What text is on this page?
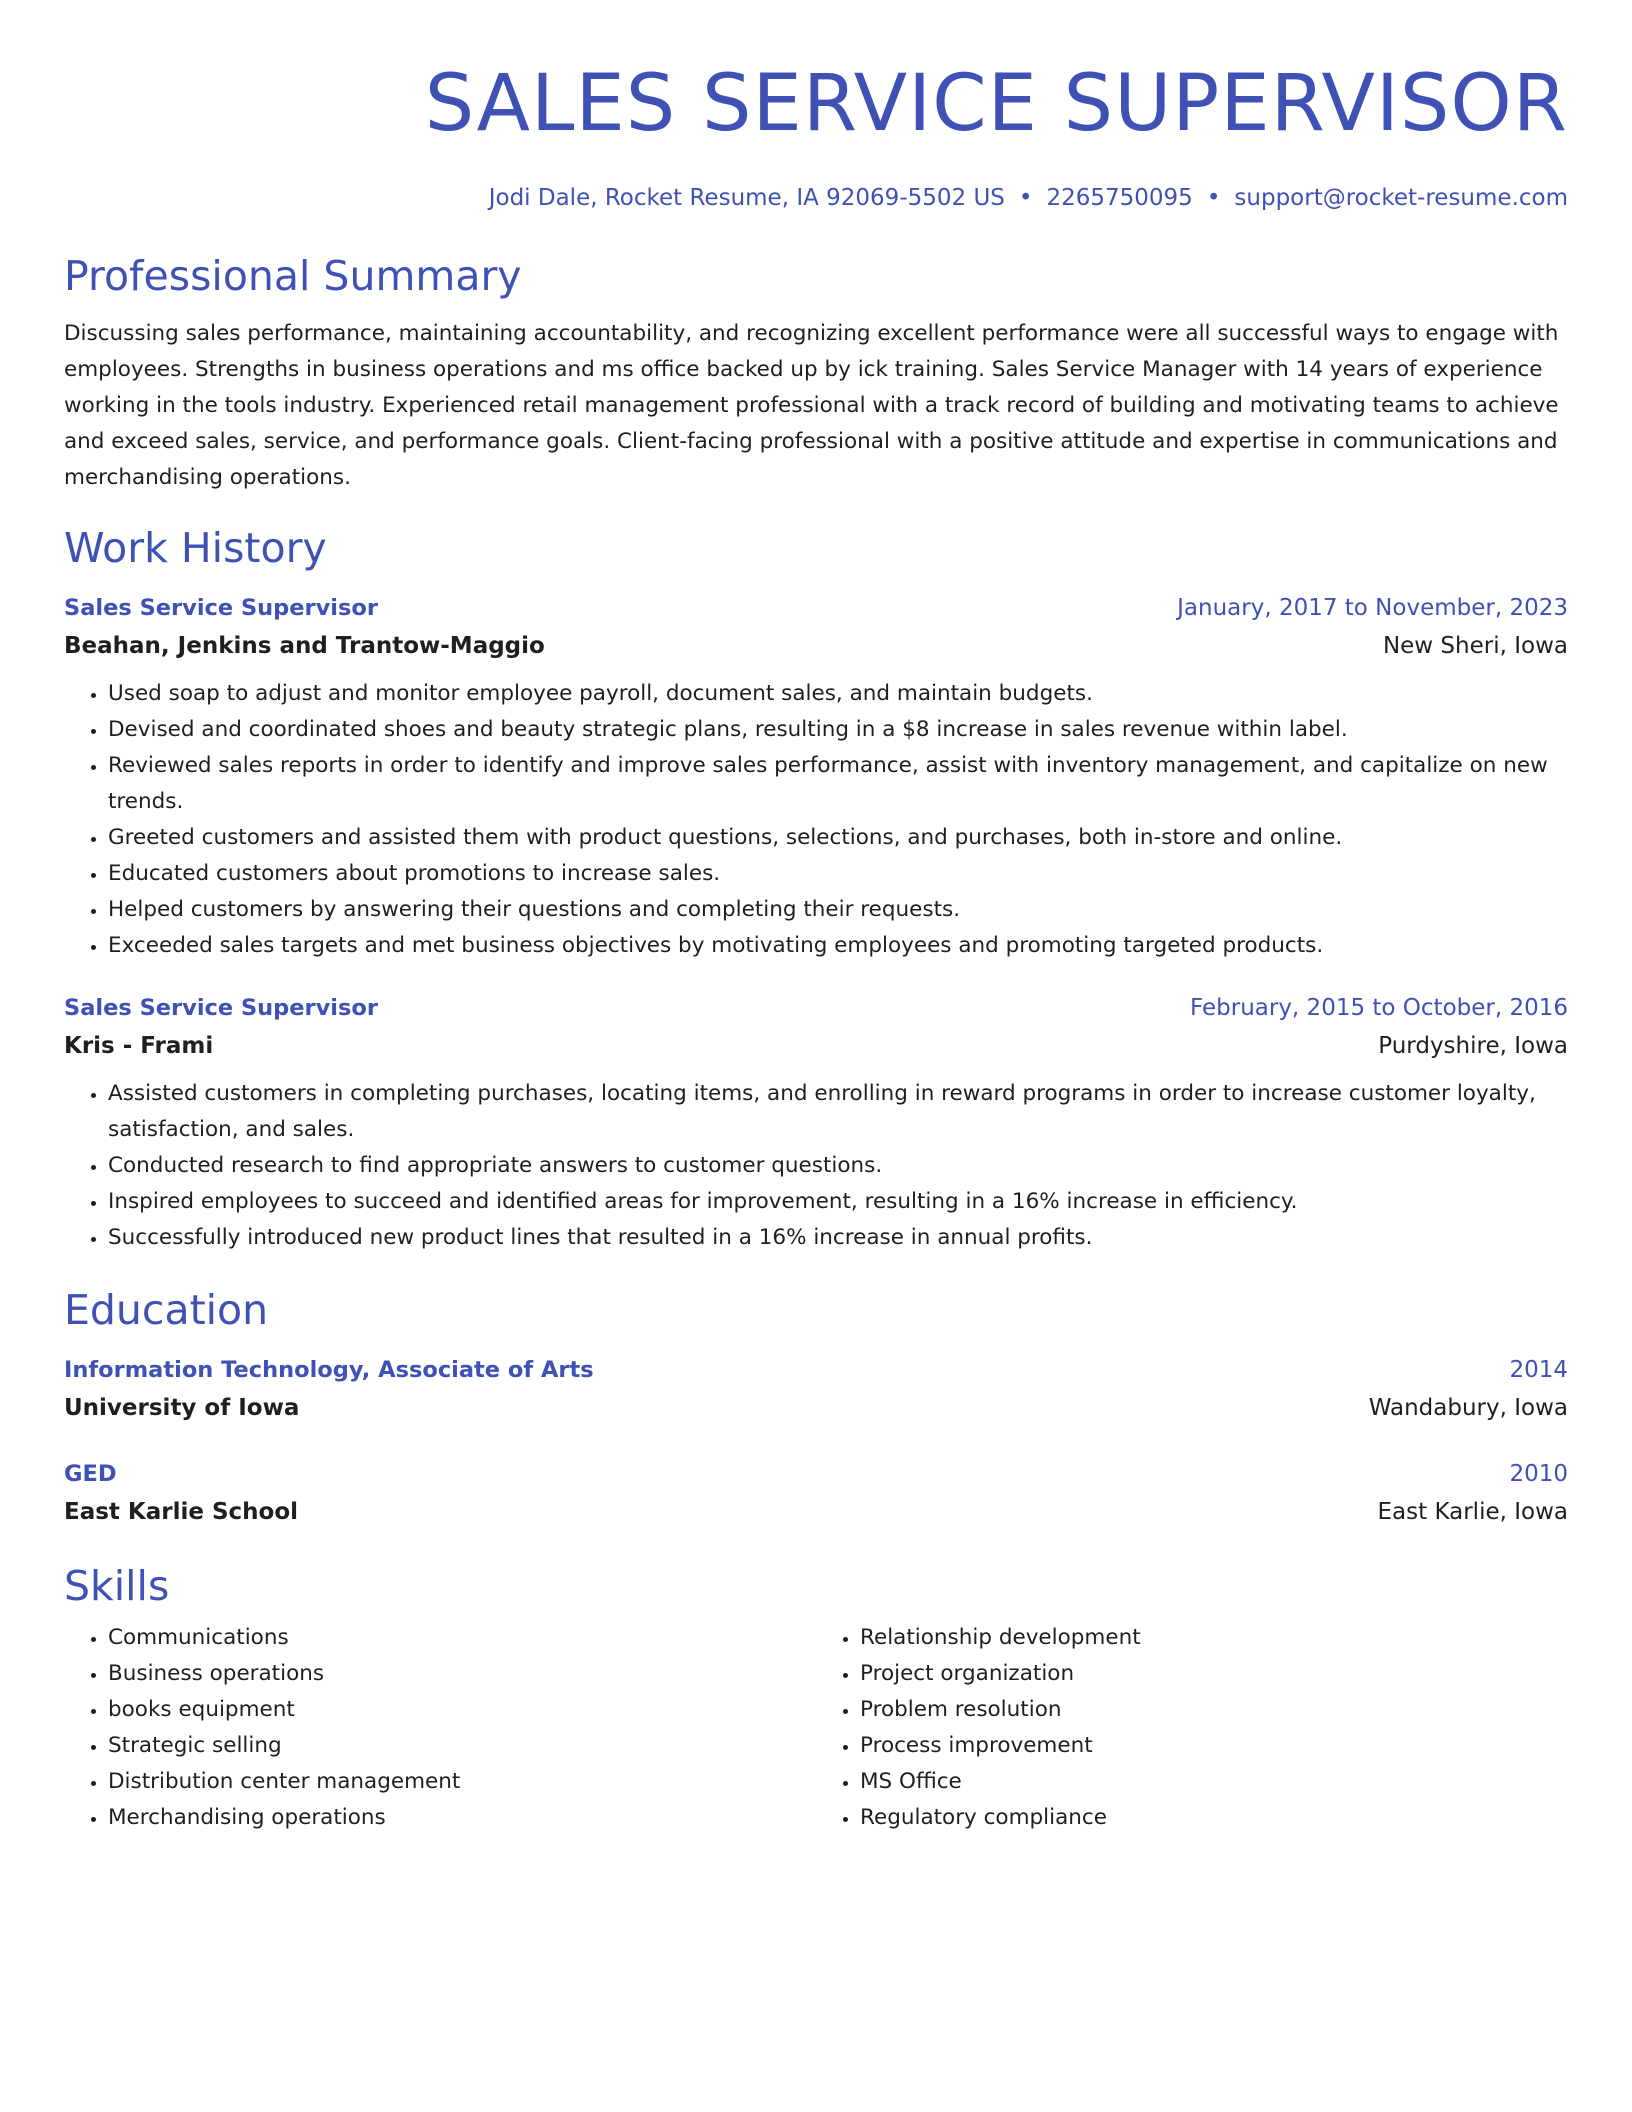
SALES SERVICE SUPERVISOR
Jodi Dale, Rocket Resume, IA 92069-5502 US • 2265750095 • support@rocket-resume.com
Professional Summary
Discussing sales performance, maintaining accountability, and recognizing excellent performance were all successful ways to engage with employees. Strengths in business operations and ms office backed up by ick training. Sales Service Manager with 14 years of experience working in the tools industry. Experienced retail management professional with a track record of building and motivating teams to achieve and exceed sales, service, and performance goals. Client-facing professional with a positive attitude and expertise in communications and merchandising operations.
Work History
Sales Service Supervisor	January, 2017 to November, 2023
Beahan, Jenkins and Trantow-Maggio	New Sheri, Iowa
• Used soap to adjust and monitor employee payroll, document sales, and maintain budgets.
• Devised and coordinated shoes and beauty strategic plans, resulting in a $8 increase in sales revenue within label.
• Reviewed sales reports in order to identify and improve sales performance, assist with inventory management, and capitalize on new trends.
• Greeted customers and assisted them with product questions, selections, and purchases, both in-store and online.
• Educated customers about promotions to increase sales.
• Helped customers by answering their questions and completing their requests.
• Exceeded sales targets and met business objectives by motivating employees and promoting targeted products.
Sales Service Supervisor	February, 2015 to October, 2016
Kris - Frami	Purdyshire, Iowa
• Assisted customers in completing purchases, locating items, and enrolling in reward programs in order to increase customer loyalty, satisfaction, and sales.
• Conducted research to find appropriate answers to customer questions.
• Inspired employees to succeed and identified areas for improvement, resulting in a 16% increase in efficiency.
• Successfully introduced new product lines that resulted in a 16% increase in annual profits.
Education
Information Technology, Associate of Arts	2014
University of Iowa	Wandabury, Iowa
GED	2010
East Karlie School	East Karlie, Iowa
Skills
• Communications
• Business operations
• books equipment
• Strategic selling
• Distribution center management
• Merchandising operations
• Relationship development
• Project organization
• Problem resolution
• Process improvement
• MS Office
• Regulatory compliance
